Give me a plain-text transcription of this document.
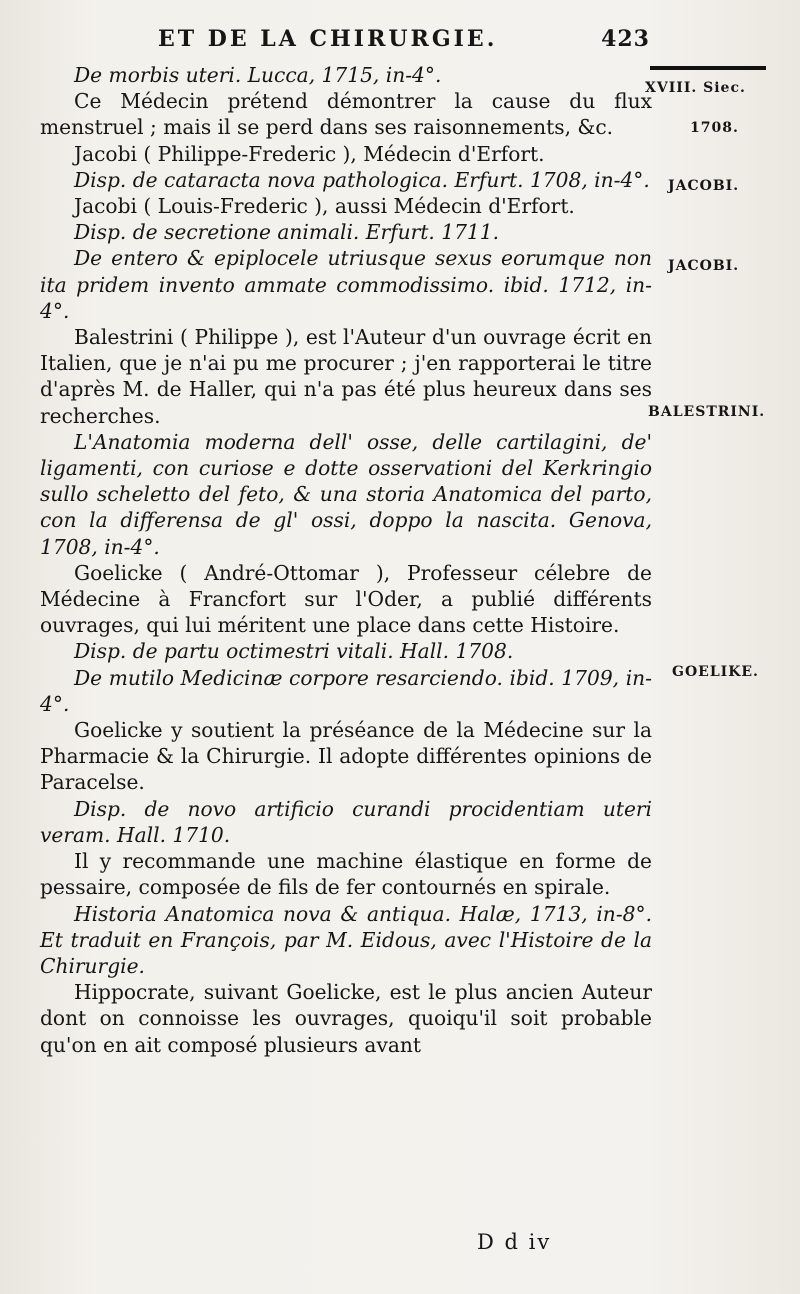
ET DE LA CHIRURGIE.	423
XVIII. Siec.
1708.
JACOBI.
JACOBI.
BALESTRINI.
GOELIKE.

De morbis uteri. Lucca, 1715, in-4°.

Ce Médecin prétend démontrer la cause du flux menstruel ; mais il se perd dans ses raisonnements, &c.

Jacobi ( Philippe-Frederic ), Médecin d'Erfort.

Disp. de cataracta nova pathologica. Erfurt. 1708, in-4°.

Jacobi ( Louis-Frederic ), aussi Médecin d'Erfort.

Disp. de secretione animali. Erfurt. 1711.

De entero & epiplocele utriusque sexus eorumque non ita pridem invento ammate commodissimo. ibid. 1712, in-4°.

Balestrini ( Philippe ), est l'Auteur d'un ouvrage écrit en Italien, que je n'ai pu me procurer ; j'en rapporterai le titre d'après M. de Haller, qui n'a pas été plus heureux dans ses recherches.

L'Anatomia moderna dell' osse, delle cartilagini, de' ligamenti, con curiose e dotte osservationi del Kerkringio sullo scheletto del feto, & una storia Anatomica del parto, con la differensa de gl' ossi, doppo la nascita. Genova, 1708, in-4°.

Goelicke ( André-Ottomar ), Professeur célebre de Médecine à Francfort sur l'Oder, a publié différents ouvrages, qui lui méritent une place dans cette Histoire.

Disp. de partu octimestri vitali. Hall. 1708.

De mutilo Medicinæ corpore resarciendo. ibid. 1709, in-4°.

Goelicke y soutient la préséance de la Médecine sur la Pharmacie & la Chirurgie. Il adopte différentes opinions de Paracelse.

Disp. de novo artificio curandi procidentiam uteri veram. Hall. 1710.

Il y recommande une machine élastique en forme de pessaire, composée de fils de fer contournés en spirale.

Historia Anatomica nova & antiqua. Halæ, 1713, in-8°. Et traduit en François, par M. Eidous, avec l'Histoire de la Chirurgie.

Hippocrate, suivant Goelicke, est le plus ancien Auteur dont on connoisse les ouvrages, quoiqu'il soit probable qu'on en ait composé plusieurs avant

D d iv
